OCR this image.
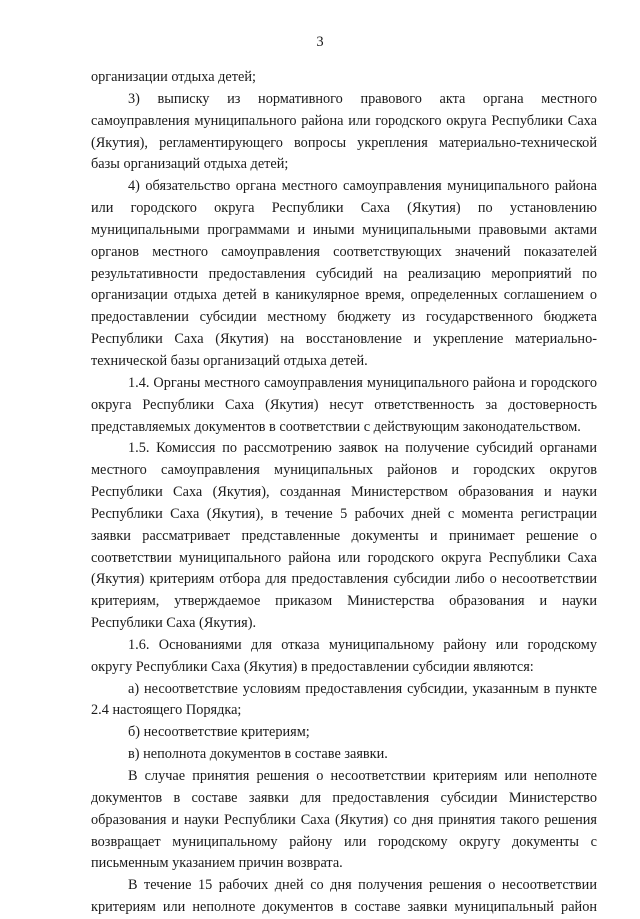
3

организации отдыха детей;

3) выписку из нормативного правового акта органа местного самоуправления муниципального района или городского округа Республики Саха (Якутия), регламентирующего вопросы укрепления материально-технической базы организаций отдыха детей;

4) обязательство органа местного самоуправления муниципального района или городского округа Республики Саха (Якутия) по установлению муниципальными программами и иными муниципальными правовыми актами органов местного самоуправления соответствующих значений показателей результативности предоставления субсидий на реализацию мероприятий по организации отдыха детей в каникулярное время, определенных соглашением о предоставлении субсидии местному бюджету из государственного бюджета Республики Саха (Якутия) на восстановление и укрепление материально-технической базы организаций отдыха детей.

1.4. Органы местного самоуправления муниципального района и городского округа Республики Саха (Якутия) несут ответственность за достоверность представляемых документов в соответствии с действующим законодательством.

1.5. Комиссия по рассмотрению заявок на получение субсидий органами местного самоуправления муниципальных районов и городских округов Республики Саха (Якутия), созданная Министерством образования и науки Республики Саха (Якутия), в течение 5 рабочих дней с момента регистрации заявки рассматривает представленные документы и принимает решение о соответствии муниципального района или городского округа Республики Саха (Якутия) критериям отбора для предоставления субсидии либо о несоответствии критериям, утверждаемое приказом Министерства образования и науки Республики Саха (Якутия).

1.6. Основаниями для отказа муниципальному району или городскому округу Республики Саха (Якутия) в предоставлении субсидии являются:

а) несоответствие условиям предоставления субсидии, указанным в пункте 2.4 настоящего Порядка;

б) несоответствие критериям;

в) неполнота документов в составе заявки.

В случае принятия решения о несоответствии критериям или неполноте документов в составе заявки для предоставления субсидии Министерство образования и науки Республики Саха (Якутия) со дня принятия такого решения возвращает муниципальному району или городскому округу документы с письменным указанием причин возврата.

В течение 15 рабочих дней со дня получения решения о несоответствии критериям или неполноте документов в составе заявки муниципальный район
